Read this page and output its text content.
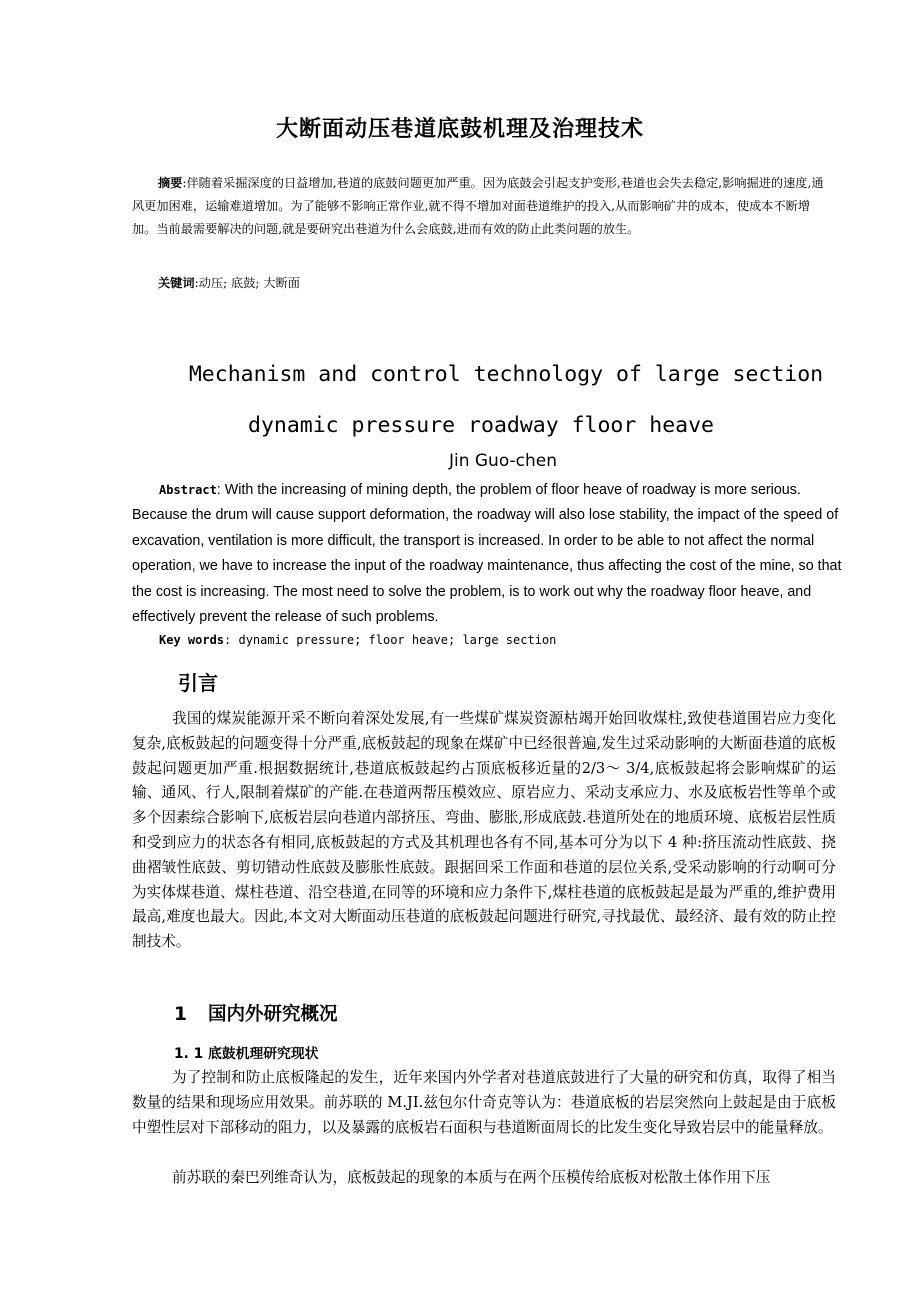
大断面动压巷道底鼓机理及治理技术

摘要:伴随着采掘深度的日益增加,巷道的底鼓问题更加严重。因为底鼓会引起支护变形,巷道也会失去稳定,影响掘进的速度,通风更加困难，运输难道增加。为了能够不影响正常作业,就不得不增加对面巷道维护的投入,从而影响矿井的成本，使成本不断增加。当前最需要解决的问题,就是要研究出巷道为什么会底鼓,进而有效的防止此类问题的放生。

关键词:动压; 底鼓; 大断面

Mechanism and control technology of large section
dynamic pressure roadway floor heave
Jin Guo-chen

Abstract: With the increasing of mining depth, the problem of floor heave of roadway is more serious. Because the drum will cause support deformation, the roadway will also lose stability, the impact of the speed of excavation, ventilation is more difficult, the transport is increased. In order to be able to not affect the normal operation, we have to increase the input of the roadway maintenance, thus affecting the cost of the mine, so that the cost is increasing. The most need to solve the problem, is to work out why the roadway floor heave, and effectively prevent the release of such problems.

Key words: dynamic pressure; floor heave; large section

引言

我国的煤炭能源开采不断向着深处发展,有一些煤矿煤炭资源枯竭开始回收煤柱,致使巷道围岩应力变化复杂,底板鼓起的问题变得十分严重,底板鼓起的现象在煤矿中已经很普遍,发生过采动影响的大断面巷道的底板鼓起问题更加严重.根据数据统计,巷道底板鼓起约占顶底板移近量的2/3～ 3/4,底板鼓起将会影响煤矿的运输、通风、行人,限制着煤矿的产能.在巷道两帮压模效应、原岩应力、采动支承应力、水及底板岩性等单个或多个因素综合影响下,底板岩层向巷道内部挤压、弯曲、膨胀,形成底鼓.巷道所处在的地质环境、底板岩层性质和受到应力的状态各有相同,底板鼓起的方式及其机理也各有不同,基本可分为以下 4 种:挤压流动性底鼓、挠曲褶皱性底鼓、剪切错动性底鼓及膨胀性底鼓。跟据回采工作面和巷道的层位关系,受采动影响的行动啊可分为实体煤巷道、煤柱巷道、沿空巷道,在同等的环境和应力条件下,煤柱巷道的底板鼓起是最为严重的,维护费用最高,难度也最大。因此,本文对大断面动压巷道的底板鼓起问题进行研究,寻找最优、最经济、最有效的防止控制技术。

1 国内外研究概况
1. 1 底鼓机理研究现状

为了控制和防止底板隆起的发生，近年来国内外学者对巷道底鼓进行了大量的研究和仿真，取得了相当数量的结果和现场应用效果。前苏联的 M.JI.兹包尔什奇克等认为：巷道底板的岩层突然向上鼓起是由于底板中塑性层对下部移动的阻力，以及暴露的底板岩石面积与巷道断面周长的比发生变化导致岩层中的能量释放。

前苏联的秦巴列维奇认为，底板鼓起的现象的本质与在两个压模传给底板对松散土体作用下压
